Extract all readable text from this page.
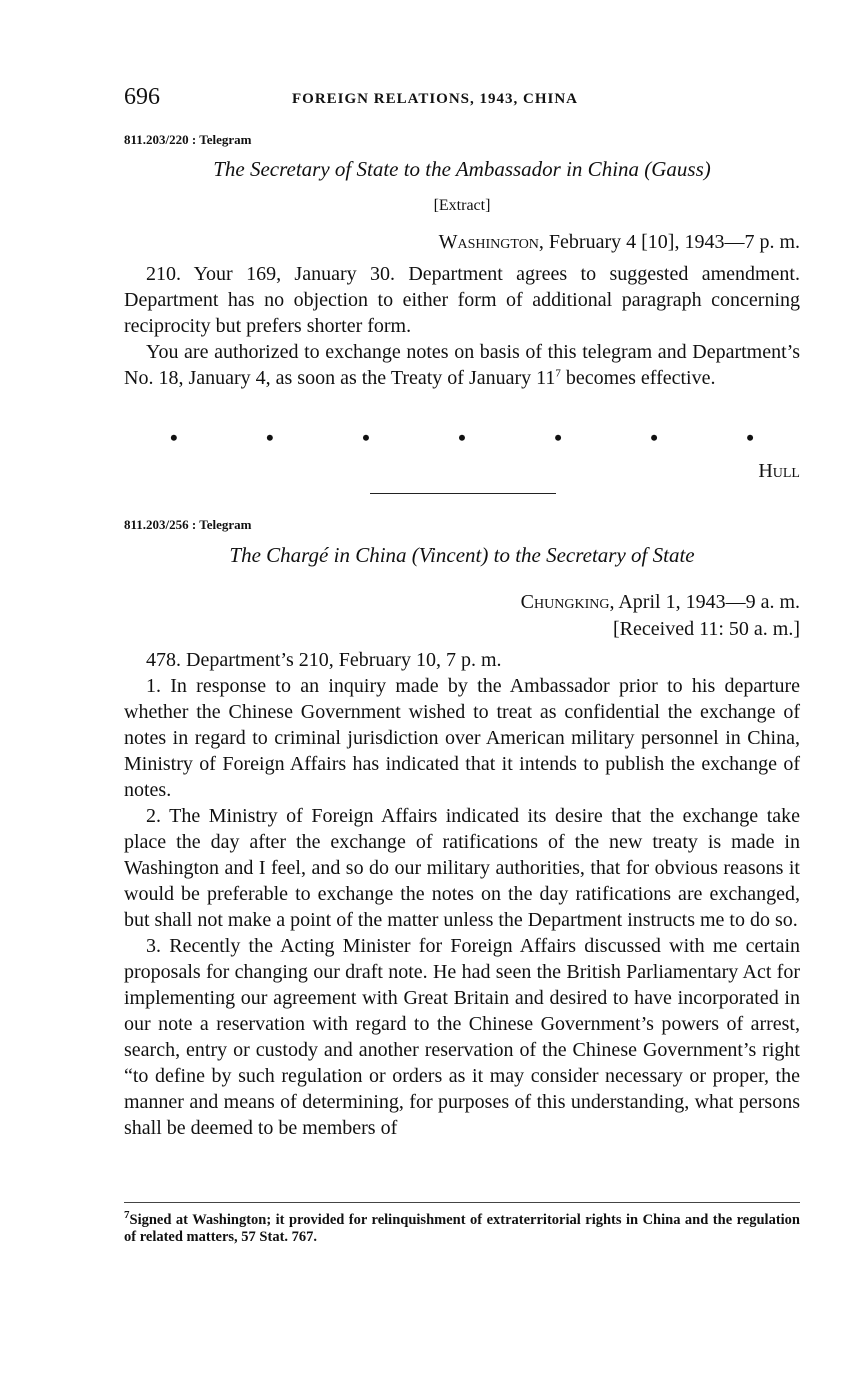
696	FOREIGN RELATIONS, 1943, CHINA
811.203/220 : Telegram
The Secretary of State to the Ambassador in China (Gauss)
[Extract]
Washington, February 4 [10], 1943—7 p. m.

210. Your 169, January 30. Department agrees to suggested amendment. Department has no objection to either form of additional paragraph concerning reciprocity but prefers shorter form.

You are authorized to exchange notes on basis of this telegram and Department’s No. 18, January 4, as soon as the Treaty of January $11^7$ becomes effective.

•	•	•	•	•	•	•
Hull
811.203/256 : Telegram
The Chargé in China (Vincent) to the Secretary of State
Chungking, April 1, 1943—9 a. m.
[Received 11: 50 a. m.]

478. Department’s 210, February 10, 7 p. m.

1. In response to an inquiry made by the Ambassador prior to his departure whether the Chinese Government wished to treat as confidential the exchange of notes in regard to criminal jurisdiction over American military personnel in China, Ministry of Foreign Affairs has indicated that it intends to publish the exchange of notes.

2. The Ministry of Foreign Affairs indicated its desire that the exchange take place the day after the exchange of ratifications of the new treaty is made in Washington and I feel, and so do our military authorities, that for obvious reasons it would be preferable to exchange the notes on the day ratifications are exchanged, but shall not make a point of the matter unless the Department instructs me to do so.

3. Recently the Acting Minister for Foreign Affairs discussed with me certain proposals for changing our draft note. He had seen the British Parliamentary Act for implementing our agreement with Great Britain and desired to have incorporated in our note a reservation with regard to the Chinese Government’s powers of arrest, search, entry or custody and another reservation of the Chinese Government’s right “to define by such regulation or orders as it may consider necessary or proper, the manner and means of determining, for purposes of this understanding, what persons shall be deemed to be members of

$^7$Signed at Washington; it provided for relinquishment of extraterritorial rights in China and the regulation of related matters, 57 Stat. 767.
